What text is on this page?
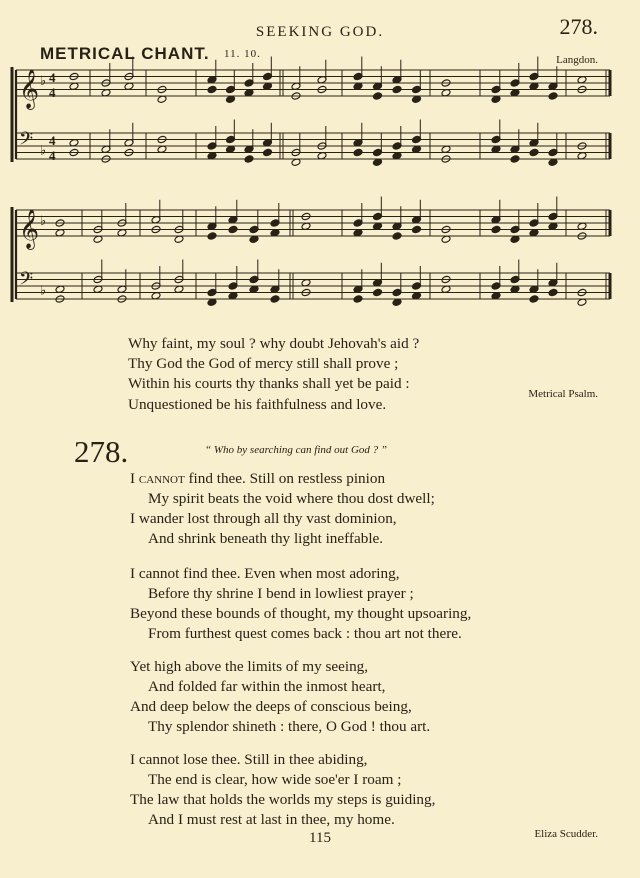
SEEKING GOD.	278.
METRICAL CHANT. 11. 10.	Langdon.
𝄞 ♭ 4
4
𝄢 ♭
4
4
𝄞 ♭
𝄢 ♭
Why faint, my soul ? why doubt Jehovah's aid ?
Thy God the God of mercy still shall prove ;
Within his courts thy thanks shall yet be paid :
Unquestioned be his faithfulness and love.
Metrical Psalm.
278.	“ Who by searching can find out God ? ”
I cannot find thee. Still on restless pinion
My spirit beats the void where thou dost dwell;
I wander lost through all thy vast dominion,
And shrink beneath thy light ineffable.
I cannot find thee. Even when most adoring,
Before thy shrine I bend in lowliest prayer ;
Beyond these bounds of thought, my thought upsoaring,
From furthest quest comes back : thou art not there.
Yet high above the limits of my seeing,
And folded far within the inmost heart,
And deep below the deeps of conscious being,
Thy splendor shineth : there, O God ! thou art.
I cannot lose thee. Still in thee abiding,
The end is clear, how wide soe'er I roam ;
The law that holds the worlds my steps is guiding,
And I must rest at last in thee, my home.
Eliza Scudder.
115
